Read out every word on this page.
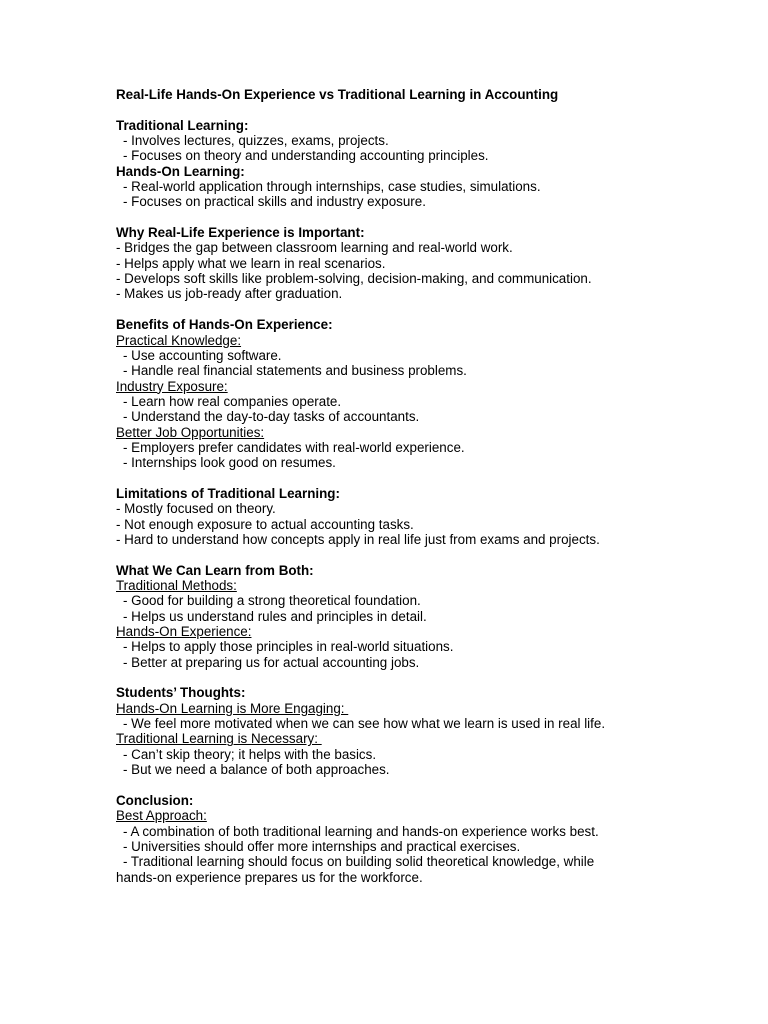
Real-Life Hands-On Experience vs Traditional Learning in Accounting
Traditional Learning:
- Involves lectures, quizzes, exams, projects.
- Focuses on theory and understanding accounting principles.
Hands-On Learning:
- Real-world application through internships, case studies, simulations.
- Focuses on practical skills and industry exposure.
Why Real-Life Experience is Important:
- Bridges the gap between classroom learning and real-world work.
- Helps apply what we learn in real scenarios.
- Develops soft skills like problem-solving, decision-making, and communication.
- Makes us job-ready after graduation.
Benefits of Hands-On Experience:
Practical Knowledge:
- Use accounting software.
- Handle real financial statements and business problems.
Industry Exposure:
- Learn how real companies operate.
- Understand the day-to-day tasks of accountants.
Better Job Opportunities:
- Employers prefer candidates with real-world experience.
- Internships look good on resumes.
Limitations of Traditional Learning:
- Mostly focused on theory.
- Not enough exposure to actual accounting tasks.
- Hard to understand how concepts apply in real life just from exams and projects.
What We Can Learn from Both:
Traditional Methods:
- Good for building a strong theoretical foundation.
- Helps us understand rules and principles in detail.
Hands-On Experience:
- Helps to apply those principles in real-world situations.
- Better at preparing us for actual accounting jobs.
Students’ Thoughts:
Hands-On Learning is More Engaging:
- We feel more motivated when we can see how what we learn is used in real life.
Traditional Learning is Necessary:
- Can’t skip theory; it helps with the basics.
- But we need a balance of both approaches.
Conclusion:
Best Approach:
- A combination of both traditional learning and hands-on experience works best.
- Universities should offer more internships and practical exercises.
- Traditional learning should focus on building solid theoretical knowledge, while
hands-on experience prepares us for the workforce.
